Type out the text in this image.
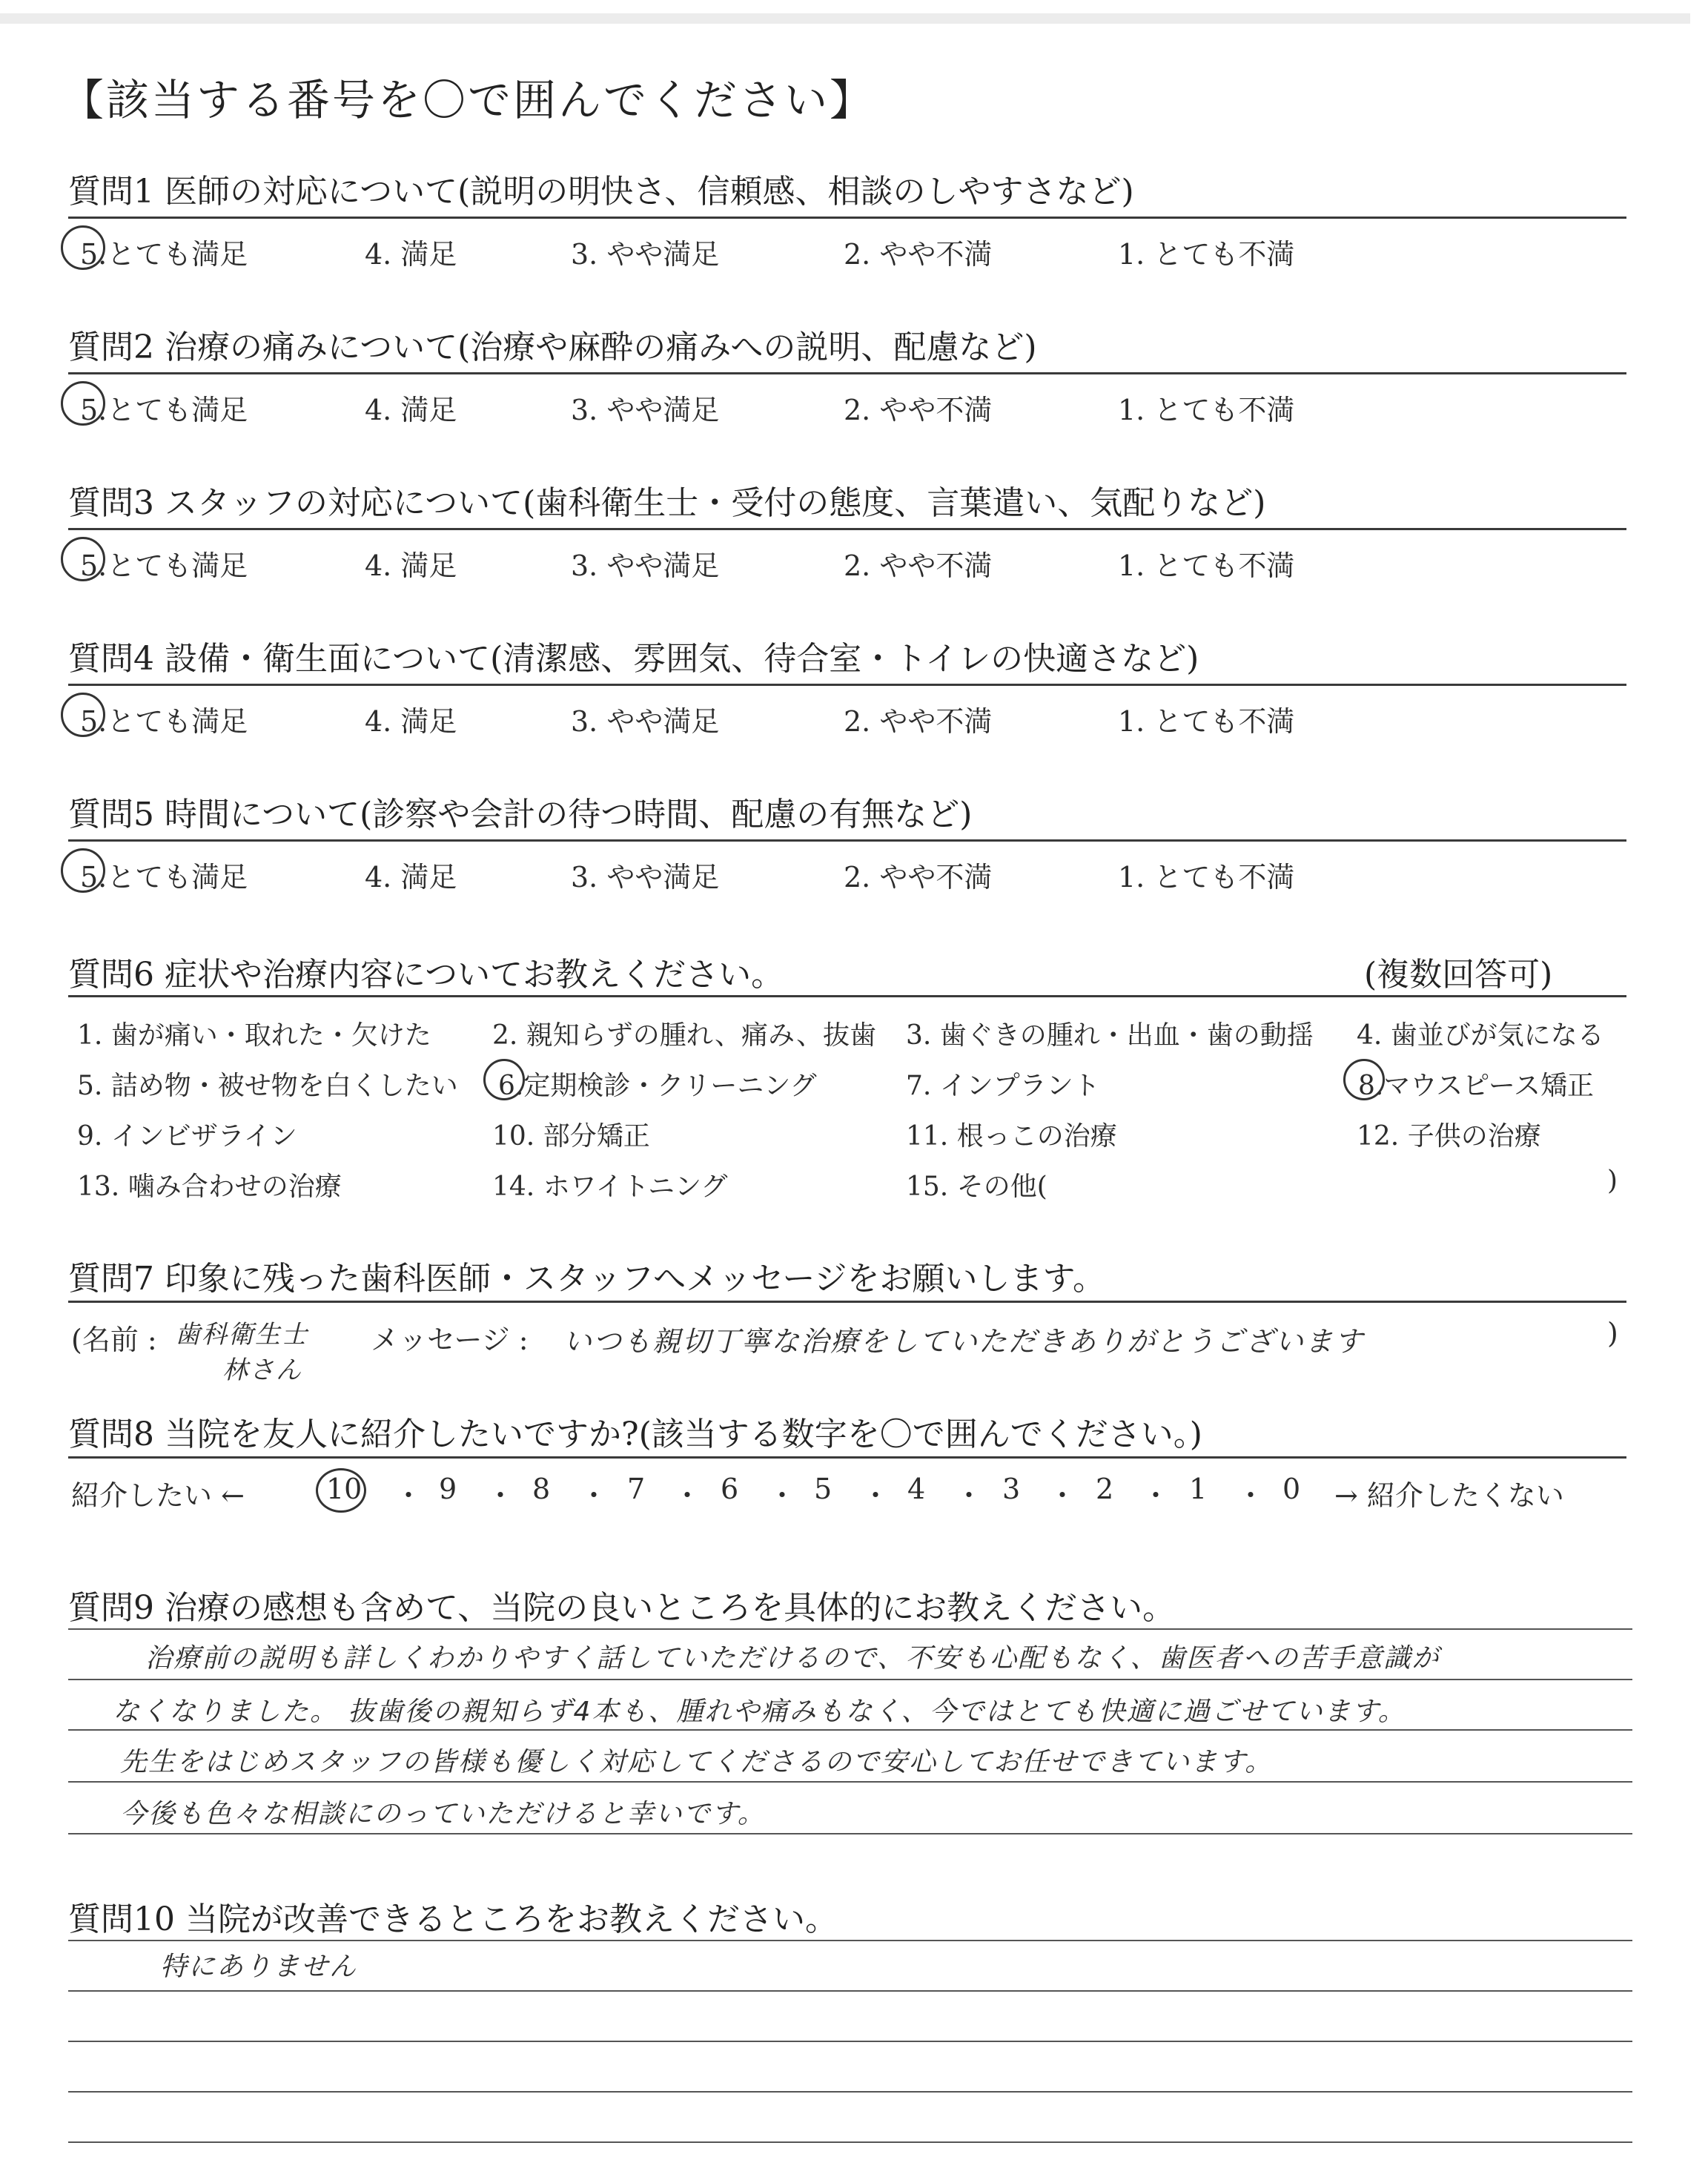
【該当する番号を〇で囲んでください】
質問1 医師の対応について(説明の明快さ、信頼感、相談のしやすさなど)
5.とても満足	4. 満足	3. やや満足	2. やや不満	1. とても不満
質問2 治療の痛みについて(治療や麻酔の痛みへの説明、配慮など)
5.とても満足	4. 満足	3. やや満足	2. やや不満	1. とても不満
質問3 スタッフの対応について(歯科衛生士・受付の態度、言葉遣い、気配りなど)
5.とても満足	4. 満足	3. やや満足	2. やや不満	1. とても不満
質問4 設備・衛生面について(清潔感、雰囲気、待合室・トイレの快適さなど)
5.とても満足	4. 満足	3. やや満足	2. やや不満	1. とても不満
質問5 時間について(診察や会計の待つ時間、配慮の有無など)
5.とても満足	4. 満足	3. やや満足	2. やや不満	1. とても不満
質問6 症状や治療内容についてお教えください。	(複数回答可)
1. 歯が痛い・取れた・欠けた 2. 親知らずの腫れ、痛み、抜歯 3. 歯ぐきの腫れ・出血・歯の動揺 4. 歯並びが気になる
5. 詰め物・被せ物を白くしたい 6.定期検診・クリーニング	7. インプラント	8.マウスピース矯正
9. インビザライン	10. 部分矯正	11. 根っこの治療	12. 子供の治療
13. 噛み合わせの治療	14. ホワイトニング	15. その他(	)
質問7 印象に残った歯科医師・スタッフへメッセージをお願いします。
(名前 : 歯科衛生士
林さん
メッセージ : いつも親切丁寧な治療をしていただきありがとうございます	)
質問8 当院を友人に紹介したいですか?(該当する数字を〇で囲んでください。)
紹介したい ←	10 ・ 9 ・ 8 ・ 7 ・ 6 ・ 5 ・ 4 ・ 3 ・ 2 ・ 1 ・ 0 → 紹介したくない
質問9 治療の感想も含めて、当院の良いところを具体的にお教えください。
治療前の説明も詳しくわかりやすく話していただけるので、不安も心配もなく、歯医者への苦手意識が
なくなりました。 抜歯後の親知らず4本も、腫れや痛みもなく、今ではとても快適に過ごせています。
先生をはじめスタッフの皆様も優しく対応してくださるので安心してお任せできています。
今後も色々な相談にのっていただけると幸いです。
質問10 当院が改善できるところをお教えください。
特にありません
